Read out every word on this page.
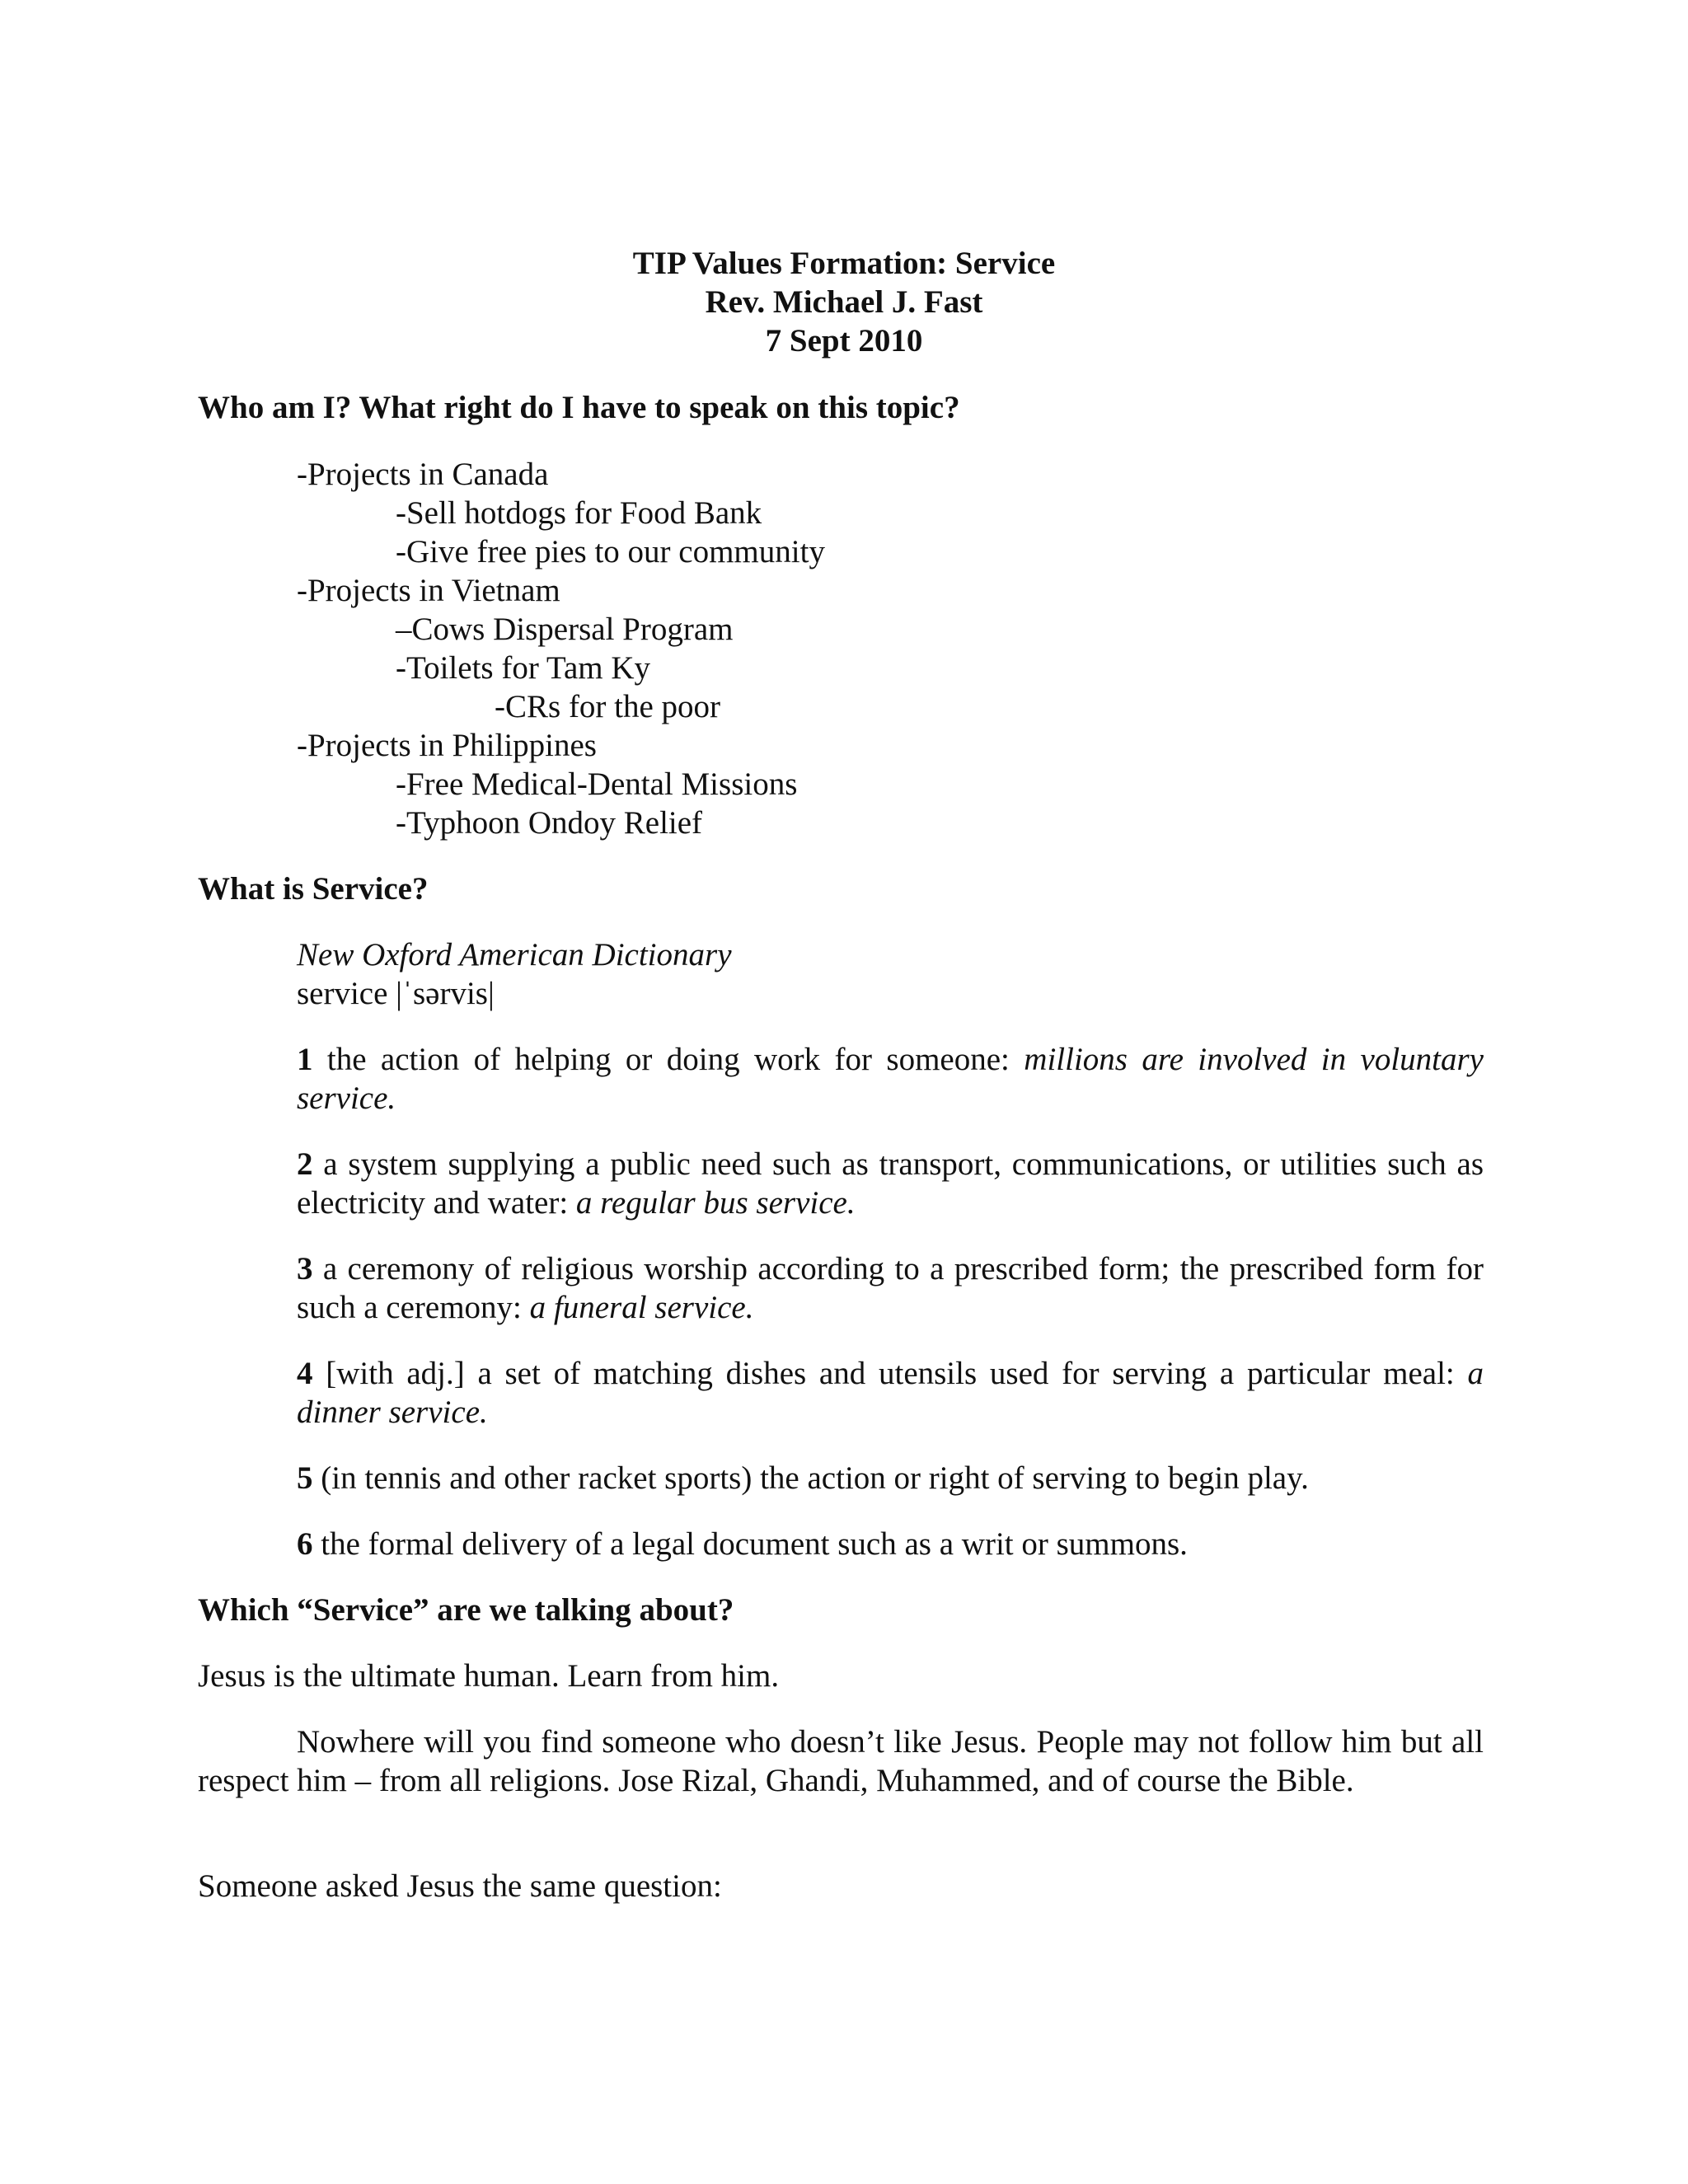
TIP Values Formation: Service
Rev. Michael J. Fast
7 Sept 2010
Who am I? What right do I have to speak on this topic?
-Projects in Canada
-Sell hotdogs for Food Bank
-Give free pies to our community
-Projects in Vietnam
–Cows Dispersal Program
-Toilets for Tam Ky
-CRs for the poor
-Projects in Philippines
-Free Medical-Dental Missions
-Typhoon Ondoy Relief
What is Service?
New Oxford American Dictionary
service |ˈsərvis|
1 the action of helping or doing work for someone: millions are involved in voluntary service.
2 a system supplying a public need such as transport, communications, or utilities such as electricity and water: a regular bus service.
3 a ceremony of religious worship according to a prescribed form; the prescribed form for such a ceremony: a funeral service.
4 [with adj.] a set of matching dishes and utensils used for serving a particular meal: a dinner service.
5 (in tennis and other racket sports) the action or right of serving to begin play.
6 the formal delivery of a legal document such as a writ or summons.
Which “Service” are we talking about?
Jesus is the ultimate human. Learn from him.
Nowhere will you find someone who doesn’t like Jesus. People may not follow him but all respect him – from all religions. Jose Rizal, Ghandi, Muhammed, and of course the Bible.
Someone asked Jesus the same question:
